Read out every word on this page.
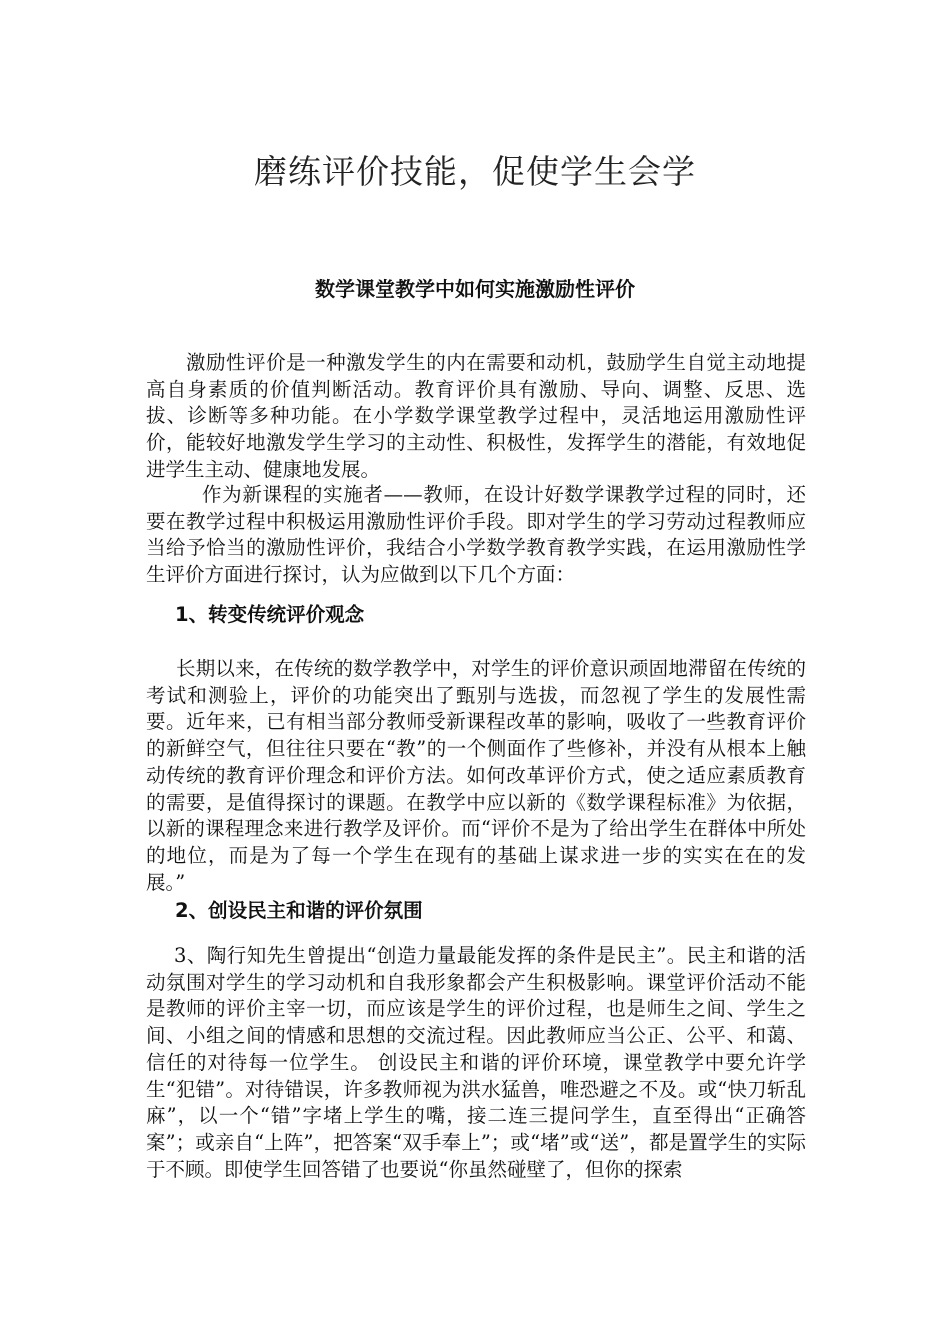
磨练评价技能，促使学生会学
数学课堂教学中如何实施激励性评价

激励性评价是一种激发学生的内在需要和动机，鼓励学生自觉主动地提高自身素质的价值判断活动。教育评价具有激励、导向、调整、反思、选拔、诊断等多种功能。在小学数学课堂教学过程中，灵活地运用激励性评价，能较好地激发学生学习的主动性、积极性，发挥学生的潜能，有效地促进学生主动、健康地发展。

作为新课程的实施者——教师，在设计好数学课教学过程的同时，还要在教学过程中积极运用激励性评价手段。即对学生的学习劳动过程教师应当给予恰当的激励性评价，我结合小学数学教育教学实践，在运用激励性学生评价方面进行探讨，认为应做到以下几个方面：

1、转变传统评价观念

长期以来，在传统的数学教学中，对学生的评价意识顽固地滞留在传统的考试和测验上，评价的功能突出了甄别与选拔，而忽视了学生的发展性需要。近年来，已有相当部分教师受新课程改革的影响，吸收了一些教育评价的新鲜空气，但往往只要在“教”的一个侧面作了些修补，并没有从根本上触动传统的教育评价理念和评价方法。如何改革评价方式，使之适应素质教育的需要，是值得探讨的课题。在教学中应以新的《数学课程标准》为依据，以新的课程理念来进行教学及评价。而“评价不是为了给出学生在群体中所处的地位，而是为了每一个学生在现有的基础上谋求进一步的实实在在的发展。”

2、创设民主和谐的评价氛围

3、陶行知先生曾提出“创造力量最能发挥的条件是民主”。民主和谐的活动氛围对学生的学习动机和自我形象都会产生积极影响。课堂评价活动不能是教师的评价主宰一切，而应该是学生的评价过程，也是师生之间、学生之间、小组之间的情感和思想的交流过程。因此教师应当公正、公平、和蔼、信任的对待每一位学生。 创设民主和谐的评价环境，课堂教学中要允许学生“犯错”。对待错误，许多教师视为洪水猛兽，唯恐避之不及。或“快刀斩乱麻”，以一个“错”字堵上学生的嘴，接二连三提问学生，直至得出“正确答案”；或亲自“上阵”，把答案“双手奉上”；或“堵”或“送”，都是置学生的实际于不顾。即使学生回答错了也要说“你虽然碰壁了，但你的探索
